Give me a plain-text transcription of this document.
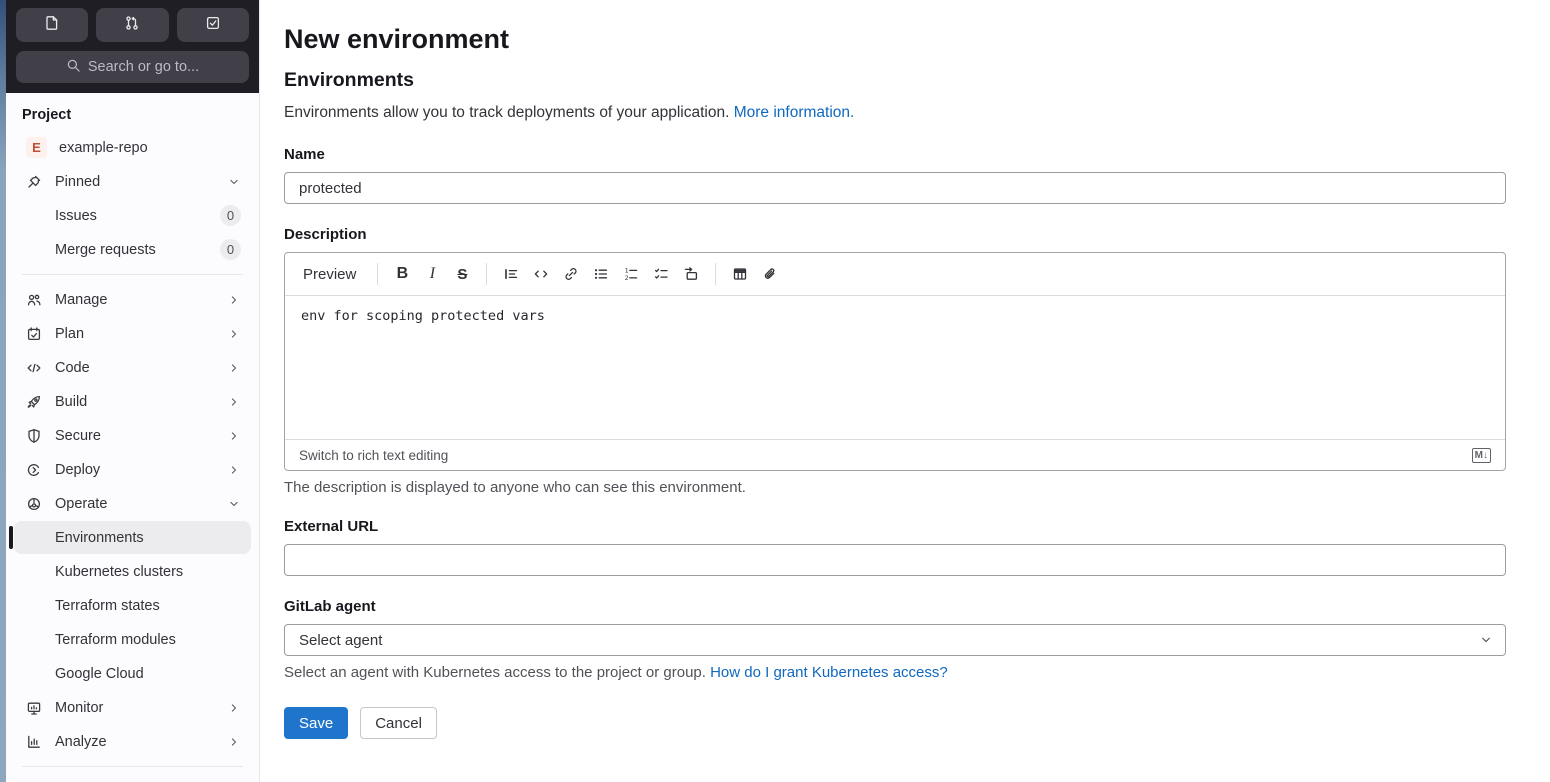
Search or go to...
Project
E	example-repo
Pinned
Issues	0
Merge requests	0
Manage
Plan
Code
Build
Secure
Deploy
Operate
Environments
Kubernetes clusters
Terraform states
Terraform modules
Google Cloud
Monitor
Analyze
New environment
Environments

Environments allow you to track deployments of your application. More information.

Name
protected
Description
Preview	B I S	1
2
env for scoping protected vars
Switch to rich text editing	M↓

The description is displayed to anyone who can see this environment.

External URL
GitLab agent
Select agent

Select an agent with Kubernetes access to the project or group. How do I grant Kubernetes access?

Save	Cancel
